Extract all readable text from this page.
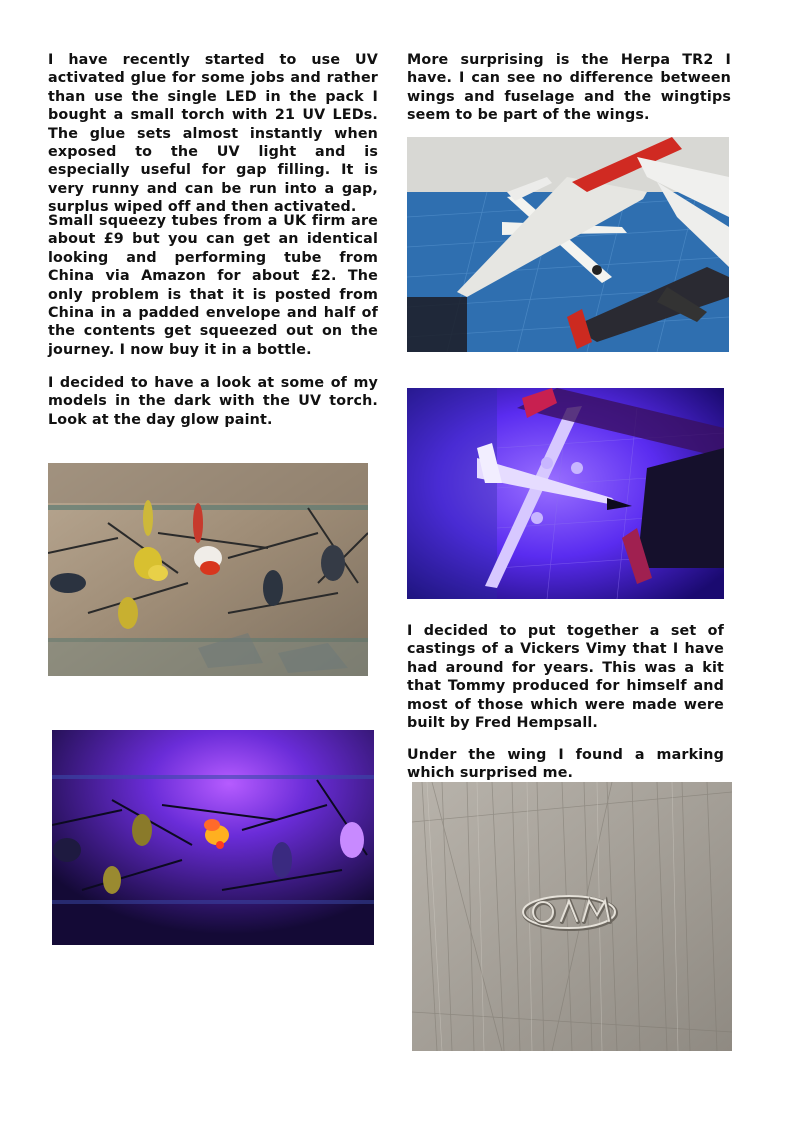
I have recently started to use UV activated glue for some jobs and rather than use the single LED in the pack I bought a small torch with 21 UV LEDs. The glue sets almost instantly when exposed to the UV light and is especially useful for gap filling. It is very runny and can be run into a gap, surplus wiped off and then activated.

Small squeezy tubes from a UK firm are about £9 but you can get an identical looking and performing tube from China via Amazon for about £2. The only problem is that it is posted from China in a padded envelope and half of the contents get squeezed out on the journey. I now buy it in a bottle.

I decided to have a look at some of my models in the dark with the UV torch. Look at the day glow paint.

More surprising is the Herpa TR2 I have. I can see no difference between wings and fuselage and the wingtips seem to be part of the wings.

I decided to put together a set of castings of a Vickers Vimy that I have had around for years. This was a kit that Tommy produced for himself and most of those which were made were built by Fred Hempsall.

Under the wing I found a marking which surprised me.
